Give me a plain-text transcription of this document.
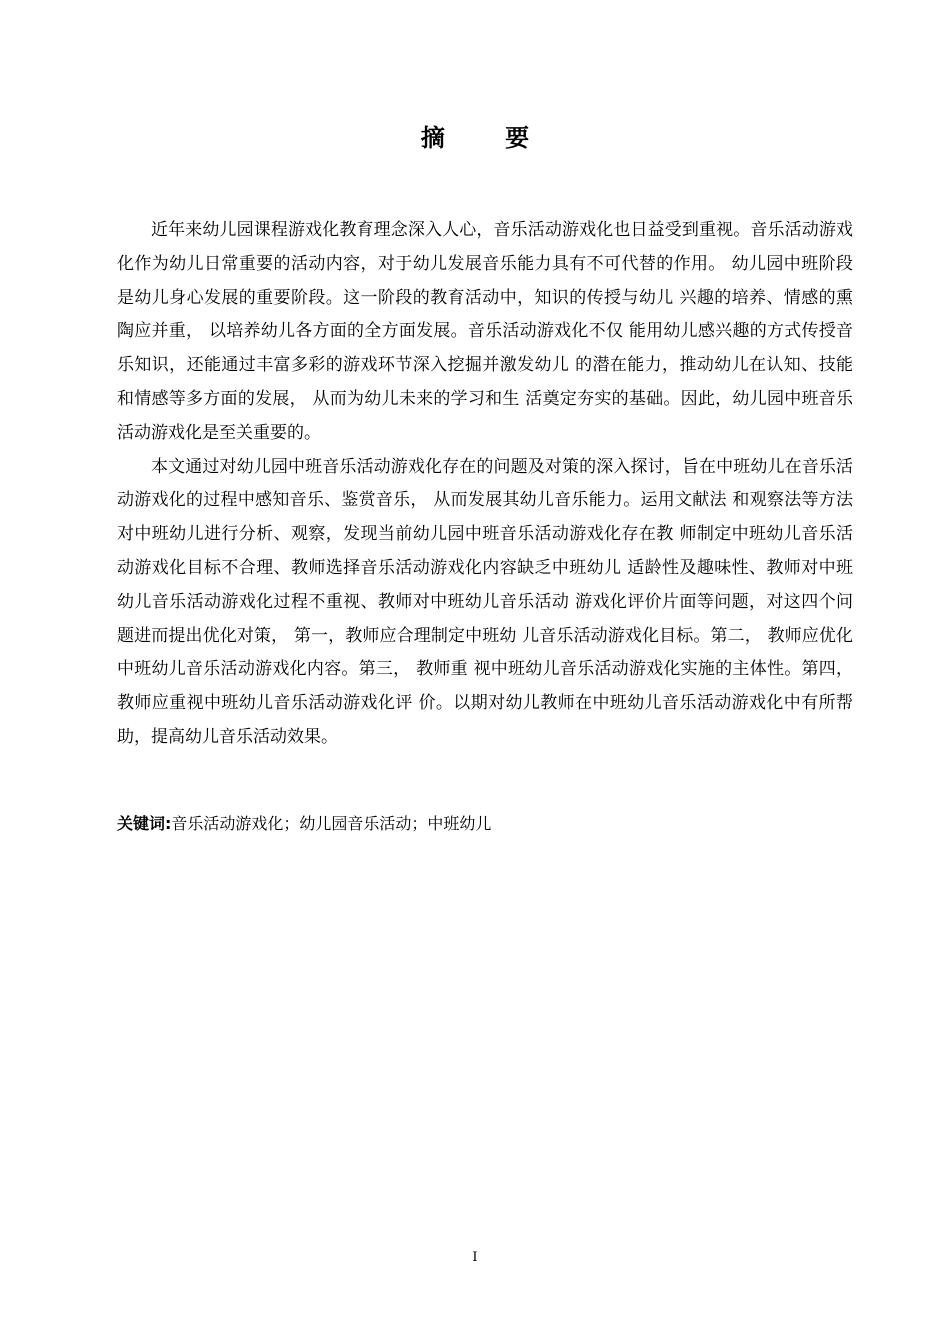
摘 要

近年来幼儿园课程游戏化教育理念深入人心，音乐活动游戏化也日益受到重视。音乐活动游戏化作为幼儿日常重要的活动内容，对于幼儿发展音乐能力具有不可代替的作用。 幼儿园中班阶段是幼儿身心发展的重要阶段。这一阶段的教育活动中，知识的传授与幼儿 兴趣的培养、情感的熏陶应并重， 以培养幼儿各方面的全方面发展。音乐活动游戏化不仅 能用幼儿感兴趣的方式传授音乐知识，还能通过丰富多彩的游戏环节深入挖掘并激发幼儿 的潜在能力，推动幼儿在认知、技能和情感等多方面的发展， 从而为幼儿未来的学习和生 活奠定夯实的基础。因此，幼儿园中班音乐活动游戏化是至关重要的。

本文通过对幼儿园中班音乐活动游戏化存在的问题及对策的深入探讨，旨在中班幼儿在音乐活动游戏化的过程中感知音乐、鉴赏音乐， 从而发展其幼儿音乐能力。运用文献法 和观察法等方法对中班幼儿进行分析、观察，发现当前幼儿园中班音乐活动游戏化存在教 师制定中班幼儿音乐活动游戏化目标不合理、教师选择音乐活动游戏化内容缺乏中班幼儿 适龄性及趣味性、教师对中班幼儿音乐活动游戏化过程不重视、教师对中班幼儿音乐活动 游戏化评价片面等问题，对这四个问题进而提出优化对策， 第一，教师应合理制定中班幼 儿音乐活动游戏化目标。第二， 教师应优化中班幼儿音乐活动游戏化内容。第三， 教师重 视中班幼儿音乐活动游戏化实施的主体性。第四，教师应重视中班幼儿音乐活动游戏化评 价。以期对幼儿教师在中班幼儿音乐活动游戏化中有所帮助，提高幼儿音乐活动效果。

关键词:音乐活动游戏化；幼儿园音乐活动；中班幼儿
I
